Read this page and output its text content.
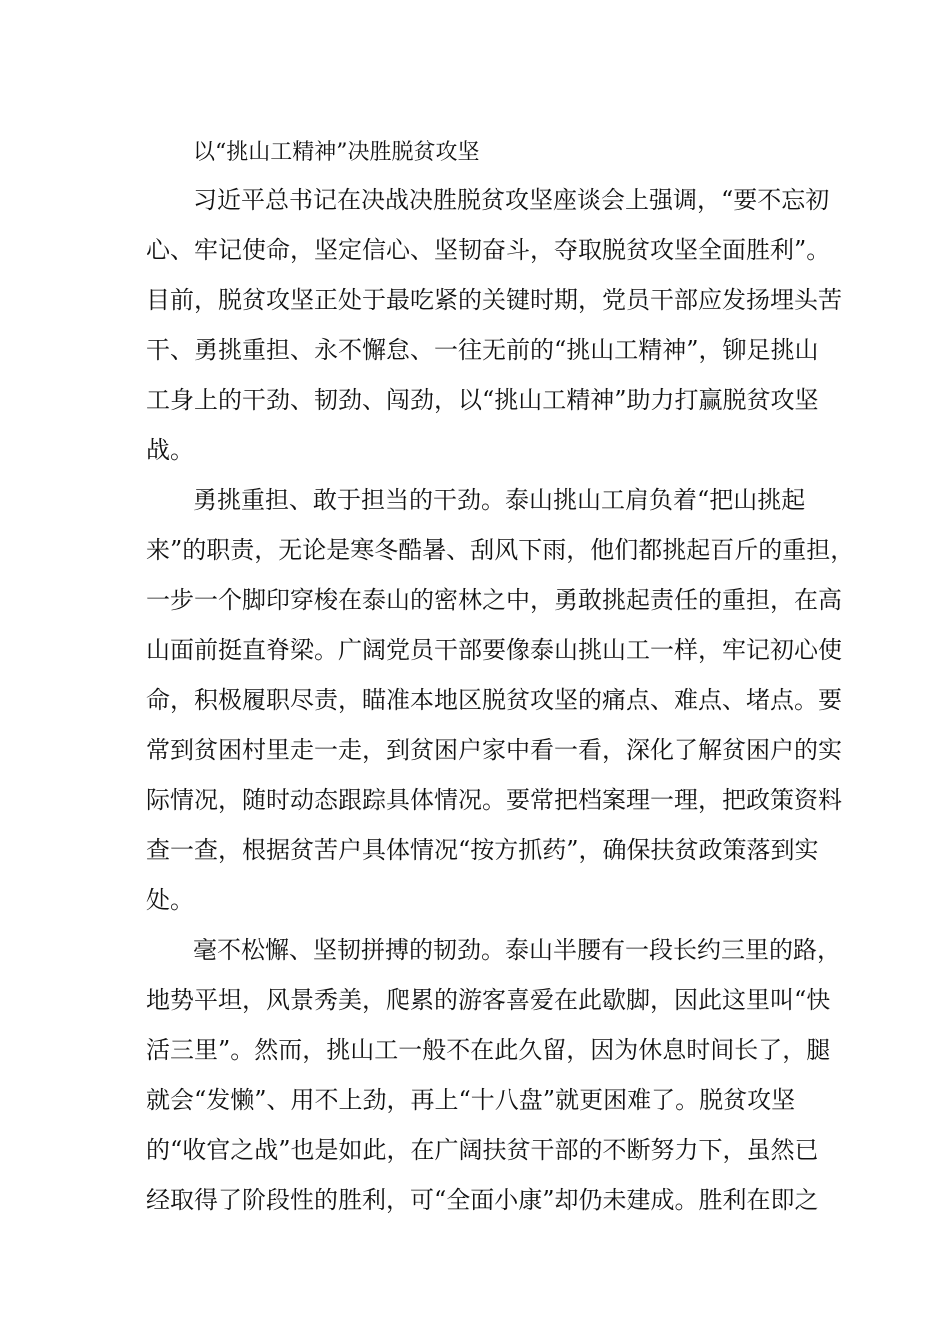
以“挑山工精神”决胜脱贫攻坚

习近平总书记在决战决胜脱贫攻坚座谈会上强调，“要不忘初

心、牢记使命，坚定信心、坚韧奋斗，夺取脱贫攻坚全面胜利”。

目前，脱贫攻坚正处于最吃紧的关键时期，党员干部应发扬埋头苦

干、勇挑重担、永不懈怠、一往无前的“挑山工精神”，铆足挑山

工身上的干劲、韧劲、闯劲，以“挑山工精神”助力打赢脱贫攻坚

战。

勇挑重担、敢于担当的干劲。泰山挑山工肩负着“把山挑起

来”的职责，无论是寒冬酷暑、刮风下雨，他们都挑起百斤的重担，

一步一个脚印穿梭在泰山的密林之中，勇敢挑起责任的重担，在高

山面前挺直脊梁。广阔党员干部要像泰山挑山工一样，牢记初心使

命，积极履职尽责，瞄准本地区脱贫攻坚的痛点、难点、堵点。要

常到贫困村里走一走，到贫困户家中看一看，深化了解贫困户的实

际情况，随时动态跟踪具体情况。要常把档案理一理，把政策资料

查一查，根据贫苦户具体情况“按方抓药”，确保扶贫政策落到实

处。

毫不松懈、坚韧拼搏的韧劲。泰山半腰有一段长约三里的路，

地势平坦，风景秀美，爬累的游客喜爱在此歇脚，因此这里叫“快

活三里”。然而，挑山工一般不在此久留，因为休息时间长了，腿

就会“发懒”、用不上劲，再上“十八盘”就更困难了。脱贫攻坚

的“收官之战”也是如此，在广阔扶贫干部的不断努力下，虽然已

经取得了阶段性的胜利，可“全面小康”却仍未建成。胜利在即之
